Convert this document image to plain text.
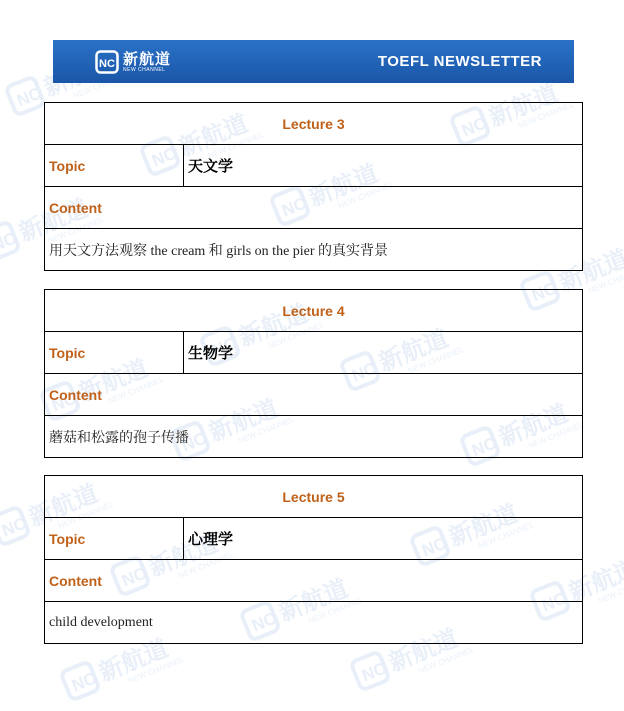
NC 新航道
NEW CHANNEL	TOEFL NEWSLETTER
Lecture 3
Topic	天文学
Content
用天文方法观察 the cream 和 girls on the pier 的真实背景
Lecture 4
Topic	生物学
Content
蘑菇和松露的孢子传播
Lecture 5
Topic	心理学
Content
child development
